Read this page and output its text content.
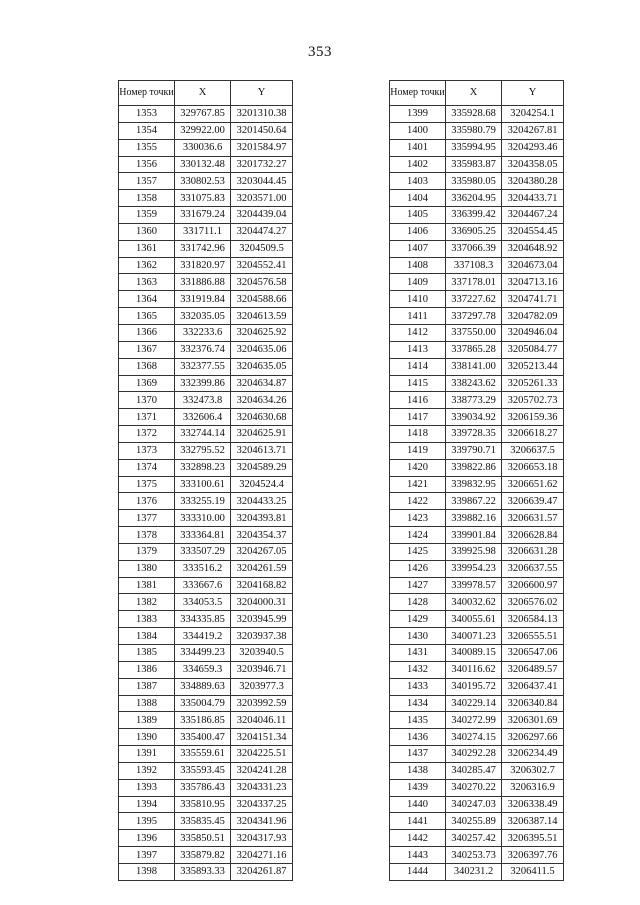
353
Номер точки	X	Y
1353	329767.85	3201310.38
1354	329922.00	3201450.64
1355	330036.6	3201584.97
1356	330132.48	3201732.27
1357	330802.53	3203044.45
1358	331075.83	3203571.00
1359	331679.24	3204439.04
1360	331711.1	3204474.27
1361	331742.96	3204509.5
1362	331820.97	3204552.41
1363	331886.88	3204576.58
1364	331919.84	3204588.66
1365	332035.05	3204613.59
1366	332233.6	3204625.92
1367	332376.74	3204635.06
1368	332377.55	3204635.05
1369	332399.86	3204634.87
1370	332473.8	3204634.26
1371	332606.4	3204630.68
1372	332744.14	3204625.91
1373	332795.52	3204613.71
1374	332898.23	3204589.29
1375	333100.61	3204524.4
1376	333255.19	3204433.25
1377	333310.00	3204393.81
1378	333364.81	3204354.37
1379	333507.29	3204267.05
1380	333516.2	3204261.59
1381	333667.6	3204168.82
1382	334053.5	3204000.31
1383	334335.85	3203945.99
1384	334419.2	3203937.38
1385	334499.23	3203940.5
1386	334659.3	3203946.71
1387	334889.63	3203977.3
1388	335004.79	3203992.59
1389	335186.85	3204046.11
1390	335400.47	3204151.34
1391	335559.61	3204225.51
1392	335593.45	3204241.28
1393	335786.43	3204331.23
1394	335810.95	3204337.25
1395	335835.45	3204341.96
1396	335850.51	3204317.93
1397	335879.82	3204271.16
1398	335893.33	3204261.87
Номер точки	X	Y
1399	335928.68	3204254.1
1400	335980.79	3204267.81
1401	335994.95	3204293.46
1402	335983.87	3204358.05
1403	335980.05	3204380.28
1404	336204.95	3204433.71
1405	336399.42	3204467.24
1406	336905.25	3204554.45
1407	337066.39	3204648.92
1408	337108.3	3204673.04
1409	337178.01	3204713.16
1410	337227.62	3204741.71
1411	337297.78	3204782.09
1412	337550.00	3204946.04
1413	337865.28	3205084.77
1414	338141.00	3205213.44
1415	338243.62	3205261.33
1416	338773.29	3205702.73
1417	339034.92	3206159.36
1418	339728.35	3206618.27
1419	339790.71	3206637.5
1420	339822.86	3206653.18
1421	339832.95	3206651.62
1422	339867.22	3206639.47
1423	339882.16	3206631.57
1424	339901.84	3206628.84
1425	339925.98	3206631.28
1426	339954.23	3206637.55
1427	339978.57	3206600.97
1428	340032.62	3206576.02
1429	340055.61	3206584.13
1430	340071.23	3206555.51
1431	340089.15	3206547.06
1432	340116.62	3206489.57
1433	340195.72	3206437.41
1434	340229.14	3206340.84
1435	340272.99	3206301.69
1436	340274.15	3206297.66
1437	340292.28	3206234.49
1438	340285.47	3206302.7
1439	340270.22	3206316.9
1440	340247.03	3206338.49
1441	340255.89	3206387.14
1442	340257.42	3206395.51
1443	340253.73	3206397.76
1444	340231.2	3206411.5
